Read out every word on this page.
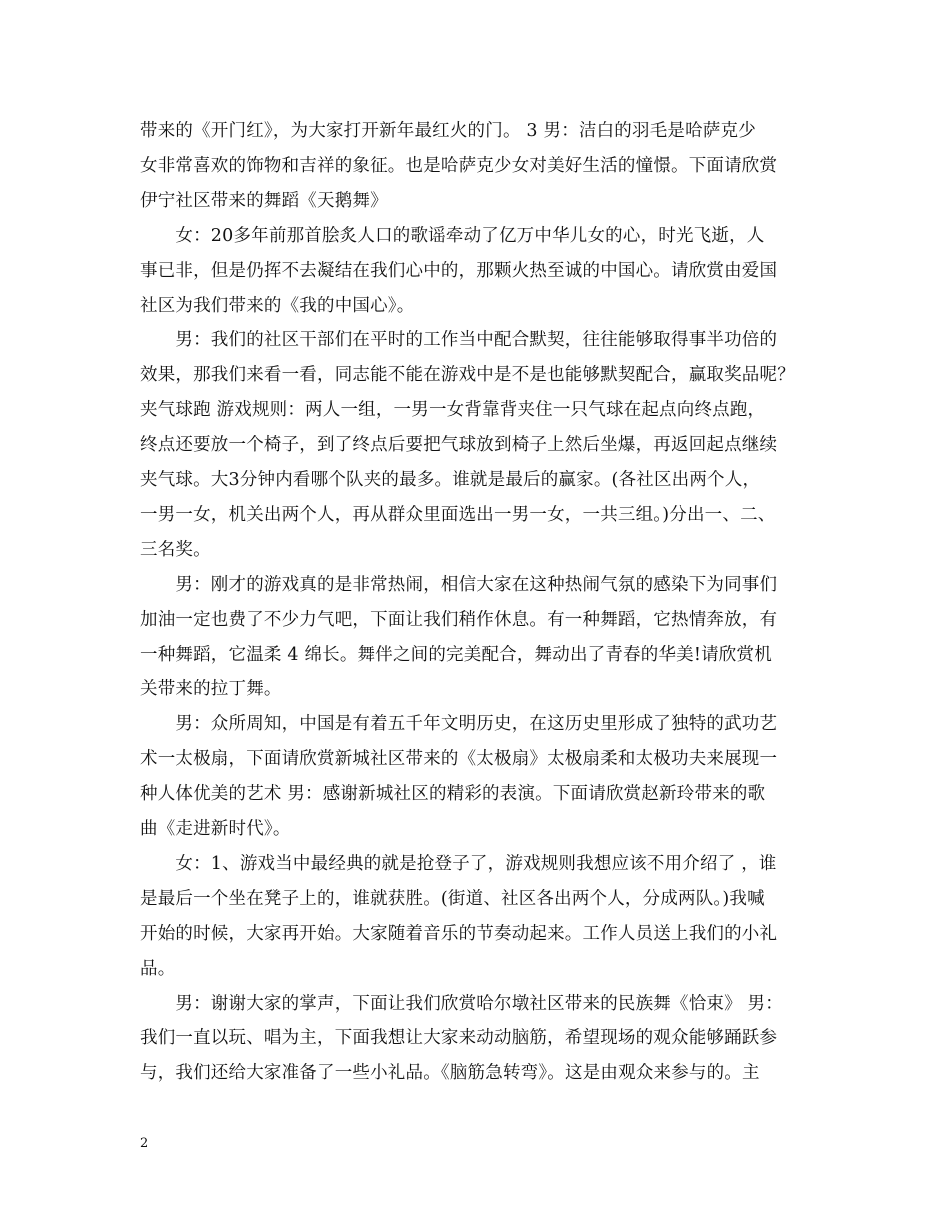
带来的《开门红》，为大家打开新年最红火的门。 3 男：洁白的羽毛是哈萨克少
女非常喜欢的饰物和吉祥的象征。也是哈萨克少女对美好生活的憧憬。下面请欣赏
伊宁社区带来的舞蹈《天鹅舞》
　　女：20多年前那首脍炙人口的歌谣牵动了亿万中华儿女的心，时光飞逝，人
事已非，但是仍挥不去凝结在我们心中的，那颗火热至诚的中国心。请欣赏由爱国
社区为我们带来的《我的中国心》。
　　男：我们的社区干部们在平时的工作当中配合默契，往往能够取得事半功倍的
效果，那我们来看一看，同志能不能在游戏中是不是也能够默契配合，赢取奖品呢？
夹气球跑 游戏规则：两人一组，一男一女背靠背夹住一只气球在起点向终点跑，
终点还要放一个椅子，到了终点后要把气球放到椅子上然后坐爆，再返回起点继续
夹气球。大3分钟内看哪个队夹的最多。谁就是最后的赢家。(各社区出两个人，
一男一女，机关出两个人，再从群众里面选出一男一女，一共三组。)分出一、二、
三名奖。
　　男：刚才的游戏真的是非常热闹，相信大家在这种热闹气氛的感染下为同事们
加油一定也费了不少力气吧，下面让我们稍作休息。有一种舞蹈，它热情奔放，有
一种舞蹈，它温柔 4 绵长。舞伴之间的完美配合，舞动出了青春的华美!请欣赏机
关带来的拉丁舞。
　　男：众所周知，中国是有着五千年文明历史，在这历史里形成了独特的武功艺
术一太极扇，下面请欣赏新城社区带来的《太极扇》太极扇柔和太极功夫来展现一
种人体优美的艺术 男：感谢新城社区的精彩的表演。下面请欣赏赵新玲带来的歌
曲《走进新时代》。
　　女：1、游戏当中最经典的就是抢登子了，游戏规则我想应该不用介绍了 ，谁
是最后一个坐在凳子上的，谁就获胜。(街道、社区各出两个人，分成两队。)我喊
开始的时候，大家再开始。大家随着音乐的节奏动起来。工作人员送上我们的小礼
品。
　　男：谢谢大家的掌声，下面让我们欣赏哈尔墩社区带来的民族舞《恰束》 男：
我们一直以玩、唱为主，下面我想让大家来动动脑筋，希望现场的观众能够踊跃参
与，我们还给大家准备了一些小礼品。《脑筋急转弯》。这是由观众来参与的。主
2
